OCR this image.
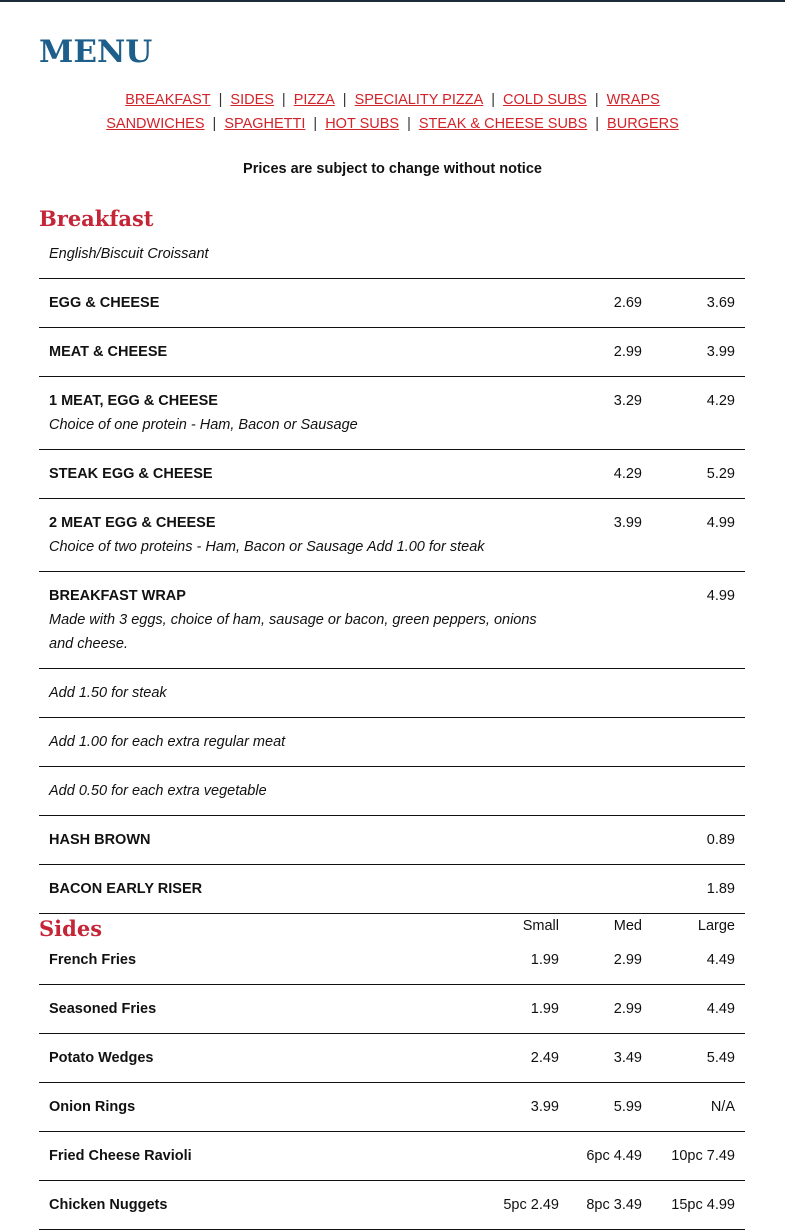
MENU
BREAKFAST | SIDES | PIZZA | SPECIALITY PIZZA | COLD SUBS | WRAPS
SANDWICHES | SPAGHETTI | HOT SUBS | STEAK & CHEESE SUBS | BURGERS
Prices are subject to change without notice
Breakfast
English/Biscuit Croissant		

EGG & CHEESE	2.69	3.69

MEAT & CHEESE	2.99	3.99

1 MEAT, EGG & CHEESE
Choice of one protein - Ham, Bacon or Sausage	3.29	4.29

STEAK EGG & CHEESE	4.29	5.29

2 MEAT EGG & CHEESE
Choice of two proteins - Ham, Bacon or Sausage Add 1.00 for steak	3.99	4.99

BREAKFAST WRAP
Made with 3 eggs, choice of ham, sausage or bacon, green peppers, onions and cheese.		4.99

Add 1.50 for steak		

Add 1.00 for each extra regular meat		

Add 0.50 for each extra vegetable		

HASH BROWN		0.89

BACON EARLY RISER		1.89
Sides
		Small	Med	Large
French Fries	1.99	2.99	4.49
Seasoned Fries	1.99	2.99	4.49
Potato Wedges	2.49	3.49	5.49
Onion Rings	3.99	5.99	N/A
Fried Cheese Ravioli		6pc 4.49	10pc 7.49
Chicken Nuggets	5pc 2.49	8pc 3.49	15pc 4.99
